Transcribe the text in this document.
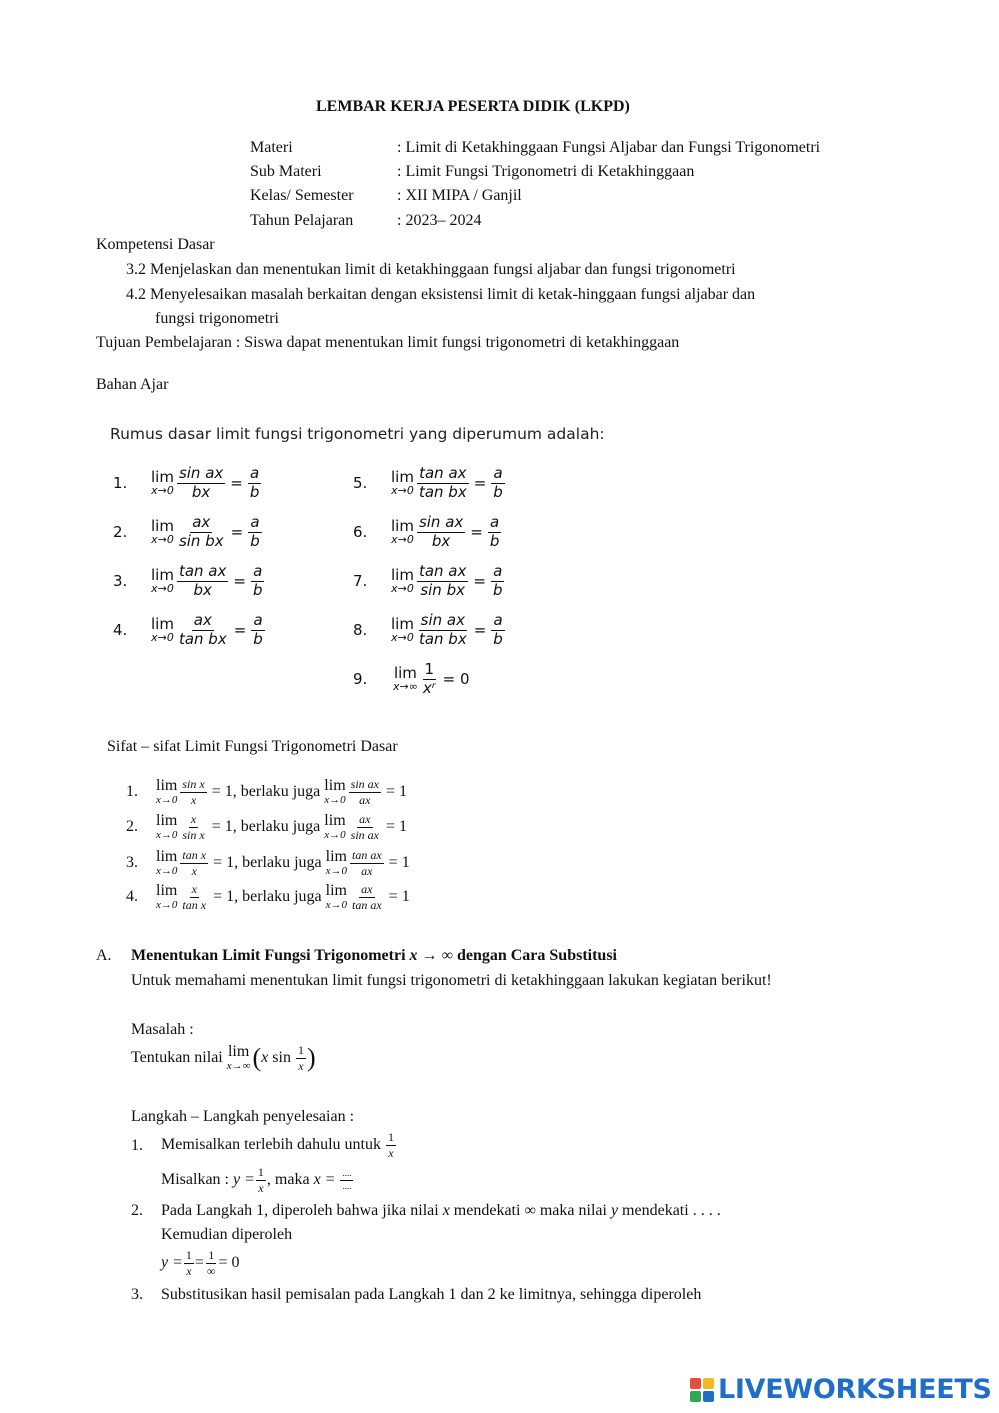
LEMBAR KERJA PESERTA DIDIK (LKPD)
Materi	: Limit di Ketakhinggaan Fungsi Aljabar dan Fungsi Trigonometri
Sub Materi	: Limit Fungsi Trigonometri di Ketakhinggaan
Kelas/ Semester	: XII MIPA / Ganjil
Tahun Pelajaran	: 2023– 2024
Kompetensi Dasar
3.2 Menjelaskan dan menentukan limit di ketakhinggaan fungsi aljabar dan fungsi trigonometri
4.2 Menyelesaikan masalah berkaitan dengan eksistensi limit di ketak-hinggaan fungsi aljabar dan
fungsi trigonometri
Tujuan Pembelajaran : Siswa dapat menentukan limit fungsi trigonometri di ketakhinggaan
Bahan Ajar
Rumus dasar limit fungsi trigonometri yang diperumum adalah:
1.	lim
$x\to 0 \frac{\text{sin ax}}{bx} = \frac{a}{b}$
2.	lim
$x\to 0 \frac{ax}{\text{sin bx}} = \frac{a}{b}$
3.	lim
$x\to 0 \frac{\text{tan ax}}{bx} = \frac{a}{b}$
4.	lim
$x\to 0 \frac{ax}{\text{tan bx}} = \frac{a}{b}$
5.	lim
$x\to 0 \frac{\text{tan ax}}{\text{tan bx}} = \frac{a}{b}$
6.	lim
$x\to 0 \frac{\text{sin ax}}{bx} = \frac{a}{b}$
7.	lim
$x\to 0 \frac{\text{tan ax}}{\text{sin bx}} = \frac{a}{b}$
8.	lim
$x\to 0 \frac{\text{sin ax}}{\text{tan bx}} = \frac{a}{b}$
9.	lim
$x\to\infty \frac{1}{\text{xʳ}} = 0$
Sifat – sifat Limit Fungsi Trigonometri Dasar
1.	lim
$x\to 0 \frac{\text{sin x}}{x} = 1$, berlaku juga lim
$x\to 0 \frac{\text{sin ax}}{ax} = 1$
2.	lim
$x\to 0 \frac{x}{\text{sin x}} = 1$, berlaku juga lim
$x\to 0 \frac{ax}{\text{sin ax}} = 1$
3.	lim
$x\to 0 \frac{\text{tan x}}{x} = 1$, berlaku juga lim
$x\to 0 \frac{\text{tan ax}}{ax} = 1$
4.	lim
$x\to 0 \frac{x}{\text{tan x}} = 1$, berlaku juga lim
$x\to 0 \frac{ax}{\text{tan ax}} = 1$
A. Menentukan Limit Fungsi Trigonometri x → ∞ dengan Cara Substitusi
Untuk memahami menentukan limit fungsi trigonometri di ketakhinggaan lakukan kegiatan berikut!
Masalah :
Tentukan nilai
lim
x→∞ ( x
sin
$\frac{1}{x}$ )
Langkah – Langkah penyelesaian :
1. Memisalkan terlebih dahulu untuk
$\frac{1}{x}$
Misalkan :
$y = \frac{1}{x}$ , maka
x =
$\frac{....}{....}$
2. Pada Langkah 1, diperoleh bahwa jika nilai x mendekati ∞ maka nilai y mendekati . . . .
Kemudian diperoleh
$y = \frac{1}{x} = \frac{1}{\infty} = 0$
3. Substitusikan hasil pemisalan pada Langkah 1 dan 2 ke limitnya, sehingga diperoleh
LIVEWORKSHEETS
